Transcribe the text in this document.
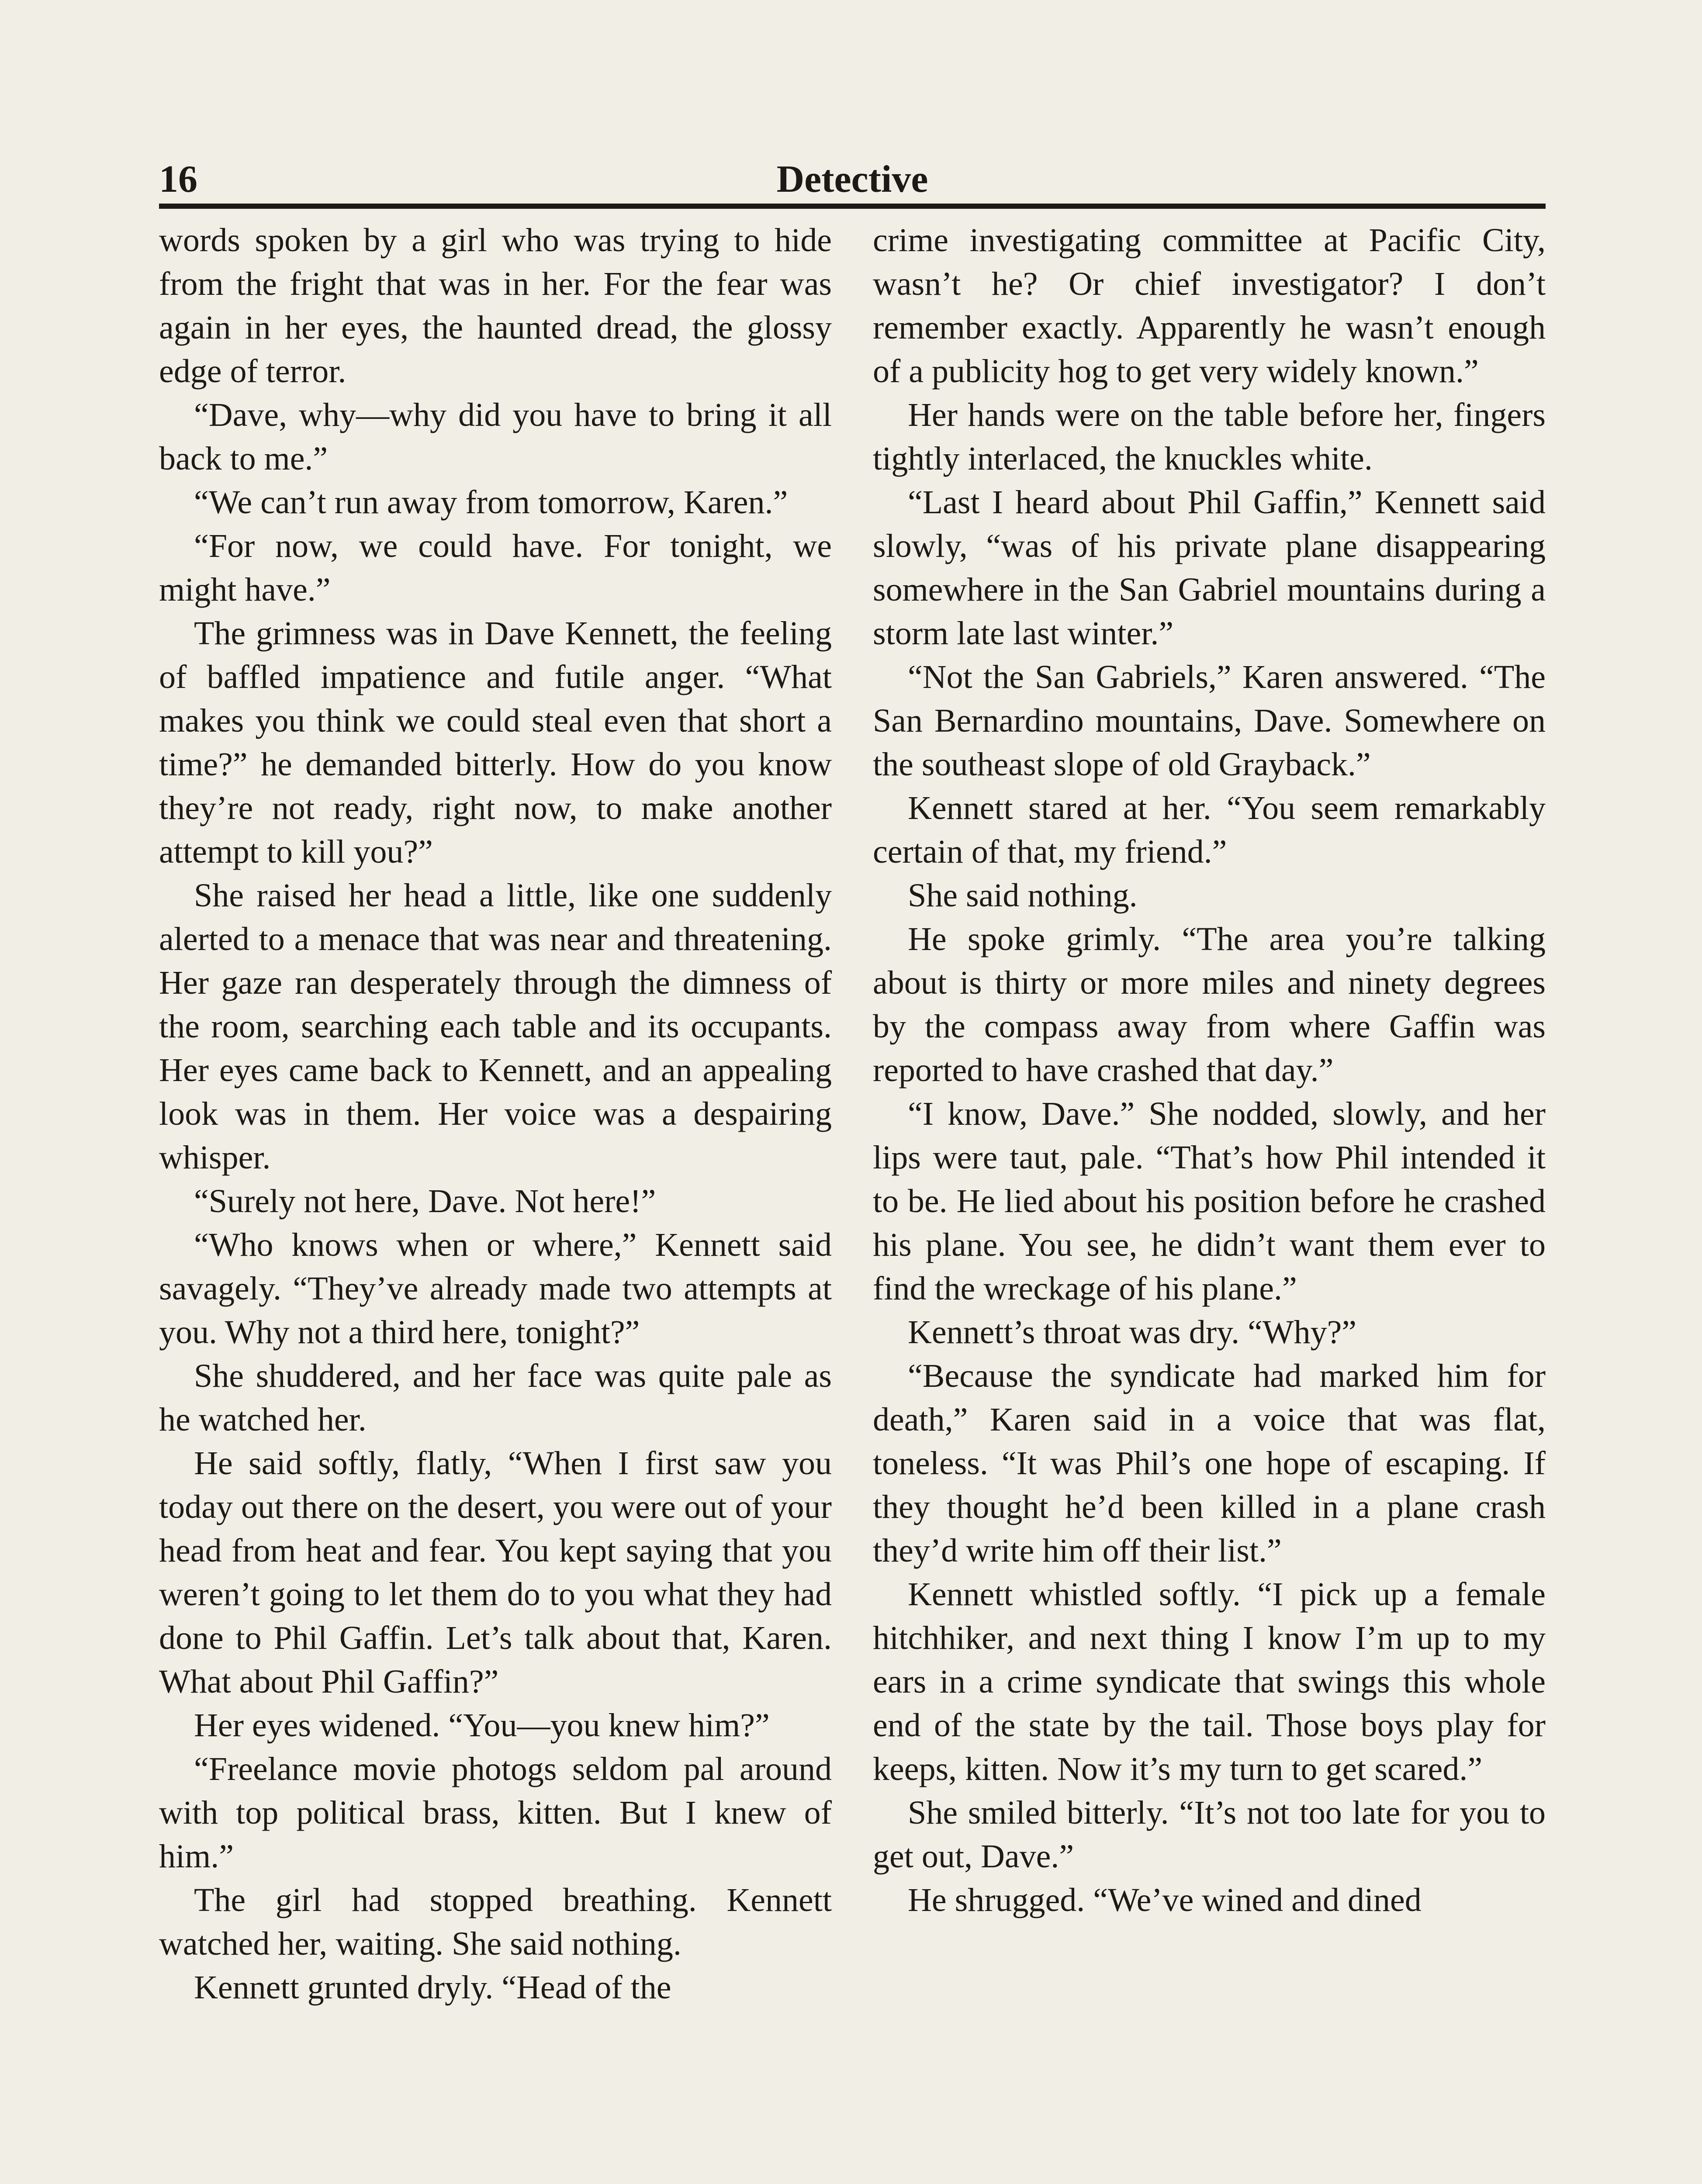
16	Detective

words spoken by a girl who was trying to hide from the fright that was in her. For the fear was again in her eyes, the haunted dread, the glossy edge of terror.

“Dave, why—why did you have to bring it all back to me.”

“We can’t run away from tomorrow, Karen.”

“For now, we could have. For tonight, we might have.”

The grimness was in Dave Kennett, the feeling of baffled impatience and futile anger. “What makes you think we could steal even that short a time?” he demanded bitterly. How do you know they’re not ready, right now, to make another attempt to kill you?”

She raised her head a little, like one suddenly alerted to a menace that was near and threatening. Her gaze ran desperately through the dimness of the room, searching each table and its occupants. Her eyes came back to Kennett, and an appealing look was in them. Her voice was a despairing whisper.

“Surely not here, Dave. Not here!”

“Who knows when or where,” Kennett said savagely. “They’ve already made two attempts at you. Why not a third here, tonight?”

She shuddered, and her face was quite pale as he watched her.

He said softly, flatly, “When I first saw you today out there on the desert, you were out of your head from heat and fear. You kept saying that you weren’t going to let them do to you what they had done to Phil Gaffin. Let’s talk about that, Karen. What about Phil Gaffin?”

Her eyes widened. “You—you knew him?”

“Freelance movie photogs seldom pal around with top political brass, kitten. But I knew of him.”

The girl had stopped breathing. Kennett watched her, waiting. She said nothing.

Kennett grunted dryly. “Head of the

crime investigating committee at Pacific City, wasn’t he? Or chief investigator? I don’t remember exactly. Apparently he wasn’t enough of a publicity hog to get very widely known.”

Her hands were on the table before her, fingers tightly interlaced, the knuckles white.

“Last I heard about Phil Gaffin,” Kennett said slowly, “was of his private plane disappearing somewhere in the San Gabriel mountains during a storm late last winter.”

“Not the San Gabriels,” Karen answered. “The San Bernardino mountains, Dave. Somewhere on the southeast slope of old Grayback.”

Kennett stared at her. “You seem remarkably certain of that, my friend.”

She said nothing.

He spoke grimly. “The area you’re talking about is thirty or more miles and ninety degrees by the compass away from where Gaffin was reported to have crashed that day.”

“I know, Dave.” She nodded, slowly, and her lips were taut, pale. “That’s how Phil intended it to be. He lied about his position before he crashed his plane. You see, he didn’t want them ever to find the wreckage of his plane.”

Kennett’s throat was dry. “Why?”

“Because the syndicate had marked him for death,” Karen said in a voice that was flat, toneless. “It was Phil’s one hope of escaping. If they thought he’d been killed in a plane crash they’d write him off their list.”

Kennett whistled softly. “I pick up a female hitchhiker, and next thing I know I’m up to my ears in a crime syndicate that swings this whole end of the state by the tail. Those boys play for keeps, kitten. Now it’s my turn to get scared.”

She smiled bitterly. “It’s not too late for you to get out, Dave.”

He shrugged. “We’ve wined and dined
